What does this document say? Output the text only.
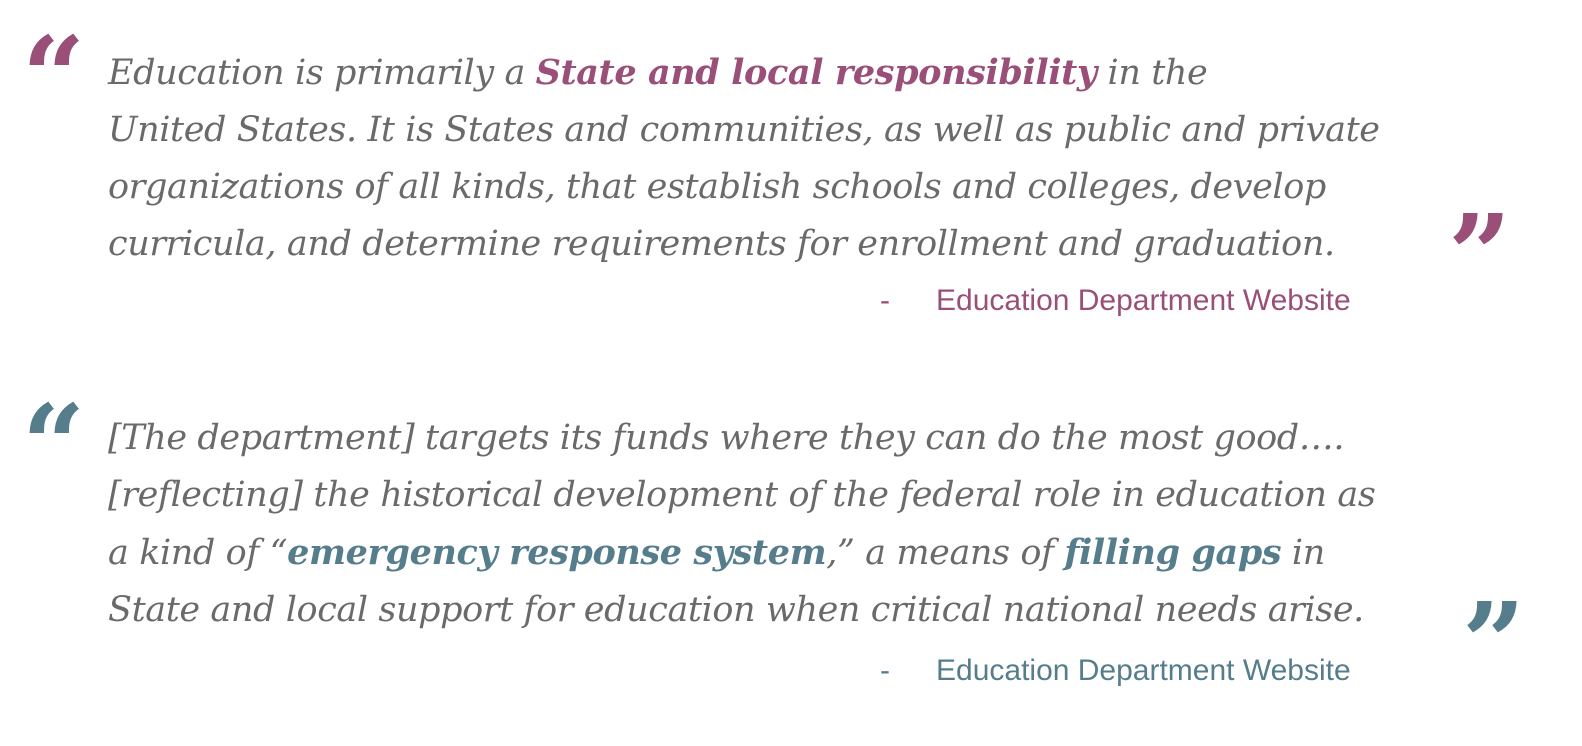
“ Education is primarily a State and local responsibility in the
United States. It is States and communities, as well as public and private
organizations of all kinds, that establish schools and colleges, develop
curricula, and determine requirements for enrollment and graduation.	”
- Education Department Website
“ [The department] targets its funds where they can do the most good….
[reflecting] the historical development of the federal role in education as
a kind of “emergency response system,” a means of filling gaps in
State and local support for education when critical national needs arise. ”
- Education Department Website
